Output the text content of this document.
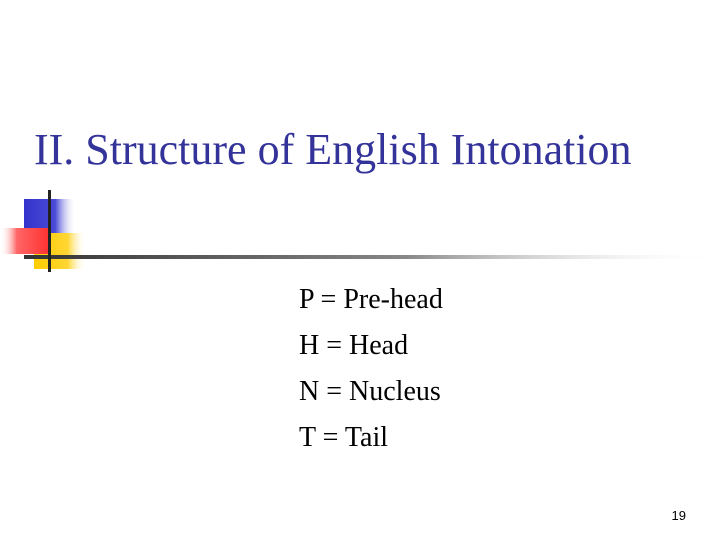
II. Structure of English Intonation
P = Pre-head
H = Head
N = Nucleus
T = Tail
19
